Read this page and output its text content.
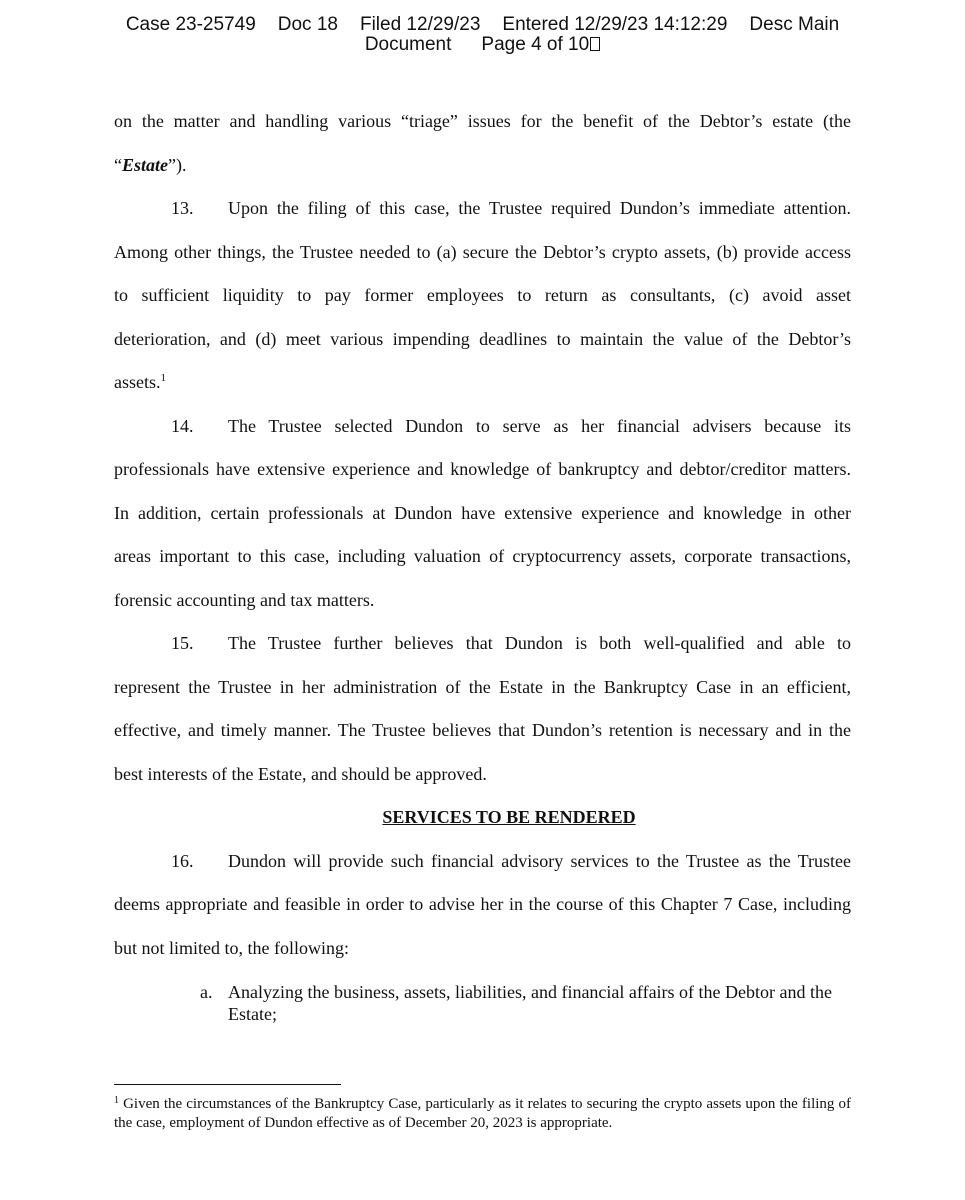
Case 23-25749 Doc 18 Filed 12/29/23 Entered 12/29/23 14:12:29 Desc Main
Document Page 4 of 10
on the matter and handling various “triage” issues for the benefit of the Debtor’s estate (the
“Estate”).
13. Upon the filing of this case, the Trustee required Dundon’s immediate attention.
Among other things, the Trustee needed to (a) secure the Debtor’s crypto assets, (b) provide access
to sufficient liquidity to pay former employees to return as consultants, (c) avoid asset
deterioration, and (d) meet various impending deadlines to maintain the value of the Debtor’s
assets.$^1$
14. The Trustee selected Dundon to serve as her financial advisers because its
professionals have extensive experience and knowledge of bankruptcy and debtor/creditor matters.
In addition, certain professionals at Dundon have extensive experience and knowledge in other
areas important to this case, including valuation of cryptocurrency assets, corporate transactions,
forensic accounting and tax matters.
15. The Trustee further believes that Dundon is both well-qualified and able to
represent the Trustee in her administration of the Estate in the Bankruptcy Case in an efficient,
effective, and timely manner. The Trustee believes that Dundon’s retention is necessary and in the
best interests of the Estate, and should be approved.
SERVICES TO BE RENDERED
16. Dundon will provide such financial advisory services to the Trustee as the Trustee
deems appropriate and feasible in order to advise her in the course of this Chapter 7 Case, including
but not limited to, the following:
a. Analyzing the business, assets, liabilities, and financial affairs of the Debtor and the Estate;
$^1$ Given the circumstances of the Bankruptcy Case, particularly as it relates to securing the crypto assets upon the filing of the case, employment of Dundon effective as of December 20, 2023 is appropriate.
